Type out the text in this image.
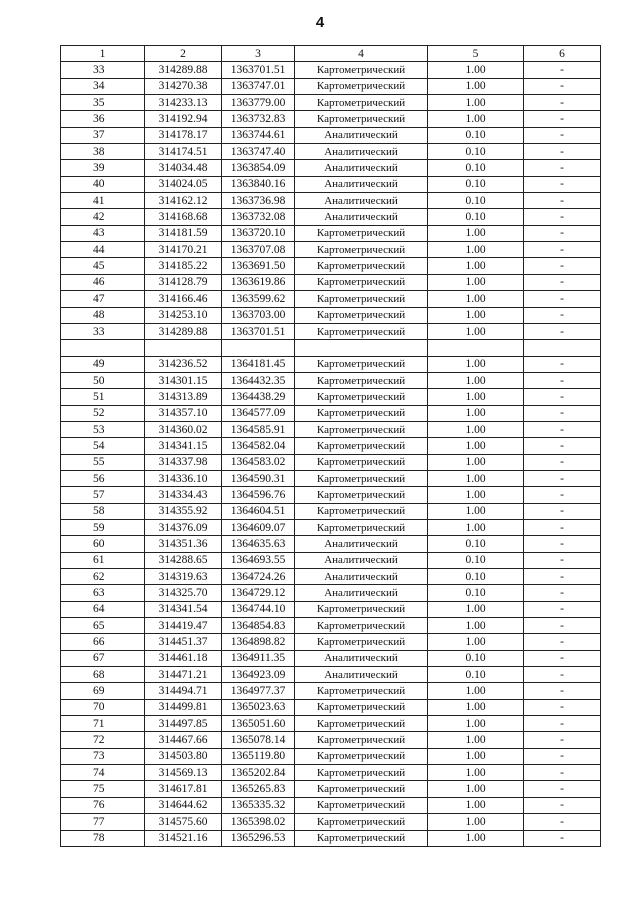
4
1	2	3	4	5	6
33	314289.88	1363701.51	Картометрический	1.00	-
34	314270.38	1363747.01	Картометрический	1.00	-
35	314233.13	1363779.00	Картометрический	1.00	-
36	314192.94	1363732.83	Картометрический	1.00	-
37	314178.17	1363744.61	Аналитический	0.10	-
38	314174.51	1363747.40	Аналитический	0.10	-
39	314034.48	1363854.09	Аналитический	0.10	-
40	314024.05	1363840.16	Аналитический	0.10	-
41	314162.12	1363736.98	Аналитический	0.10	-
42	314168.68	1363732.08	Аналитический	0.10	-
43	314181.59	1363720.10	Картометрический	1.00	-
44	314170.21	1363707.08	Картометрический	1.00	-
45	314185.22	1363691.50	Картометрический	1.00	-
46	314128.79	1363619.86	Картометрический	1.00	-
47	314166.46	1363599.62	Картометрический	1.00	-
48	314253.10	1363703.00	Картометрический	1.00	-
33	314289.88	1363701.51	Картометрический	1.00	-

49	314236.52	1364181.45	Картометрический	1.00	-
50	314301.15	1364432.35	Картометрический	1.00	-
51	314313.89	1364438.29	Картометрический	1.00	-
52	314357.10	1364577.09	Картометрический	1.00	-
53	314360.02	1364585.91	Картометрический	1.00	-
54	314341.15	1364582.04	Картометрический	1.00	-
55	314337.98	1364583.02	Картометрический	1.00	-
56	314336.10	1364590.31	Картометрический	1.00	-
57	314334.43	1364596.76	Картометрический	1.00	-
58	314355.92	1364604.51	Картометрический	1.00	-
59	314376.09	1364609.07	Картометрический	1.00	-
60	314351.36	1364635.63	Аналитический	0.10	-
61	314288.65	1364693.55	Аналитический	0.10	-
62	314319.63	1364724.26	Аналитический	0.10	-
63	314325.70	1364729.12	Аналитический	0.10	-
64	314341.54	1364744.10	Картометрический	1.00	-
65	314419.47	1364854.83	Картометрический	1.00	-
66	314451.37	1364898.82	Картометрический	1.00	-
67	314461.18	1364911.35	Аналитический	0.10	-
68	314471.21	1364923.09	Аналитический	0.10	-
69	314494.71	1364977.37	Картометрический	1.00	-
70	314499.81	1365023.63	Картометрический	1.00	-
71	314497.85	1365051.60	Картометрический	1.00	-
72	314467.66	1365078.14	Картометрический	1.00	-
73	314503.80	1365119.80	Картометрический	1.00	-
74	314569.13	1365202.84	Картометрический	1.00	-
75	314617.81	1365265.83	Картометрический	1.00	-
76	314644.62	1365335.32	Картометрический	1.00	-
77	314575.60	1365398.02	Картометрический	1.00	-
78	314521.16	1365296.53	Картометрический	1.00	-
